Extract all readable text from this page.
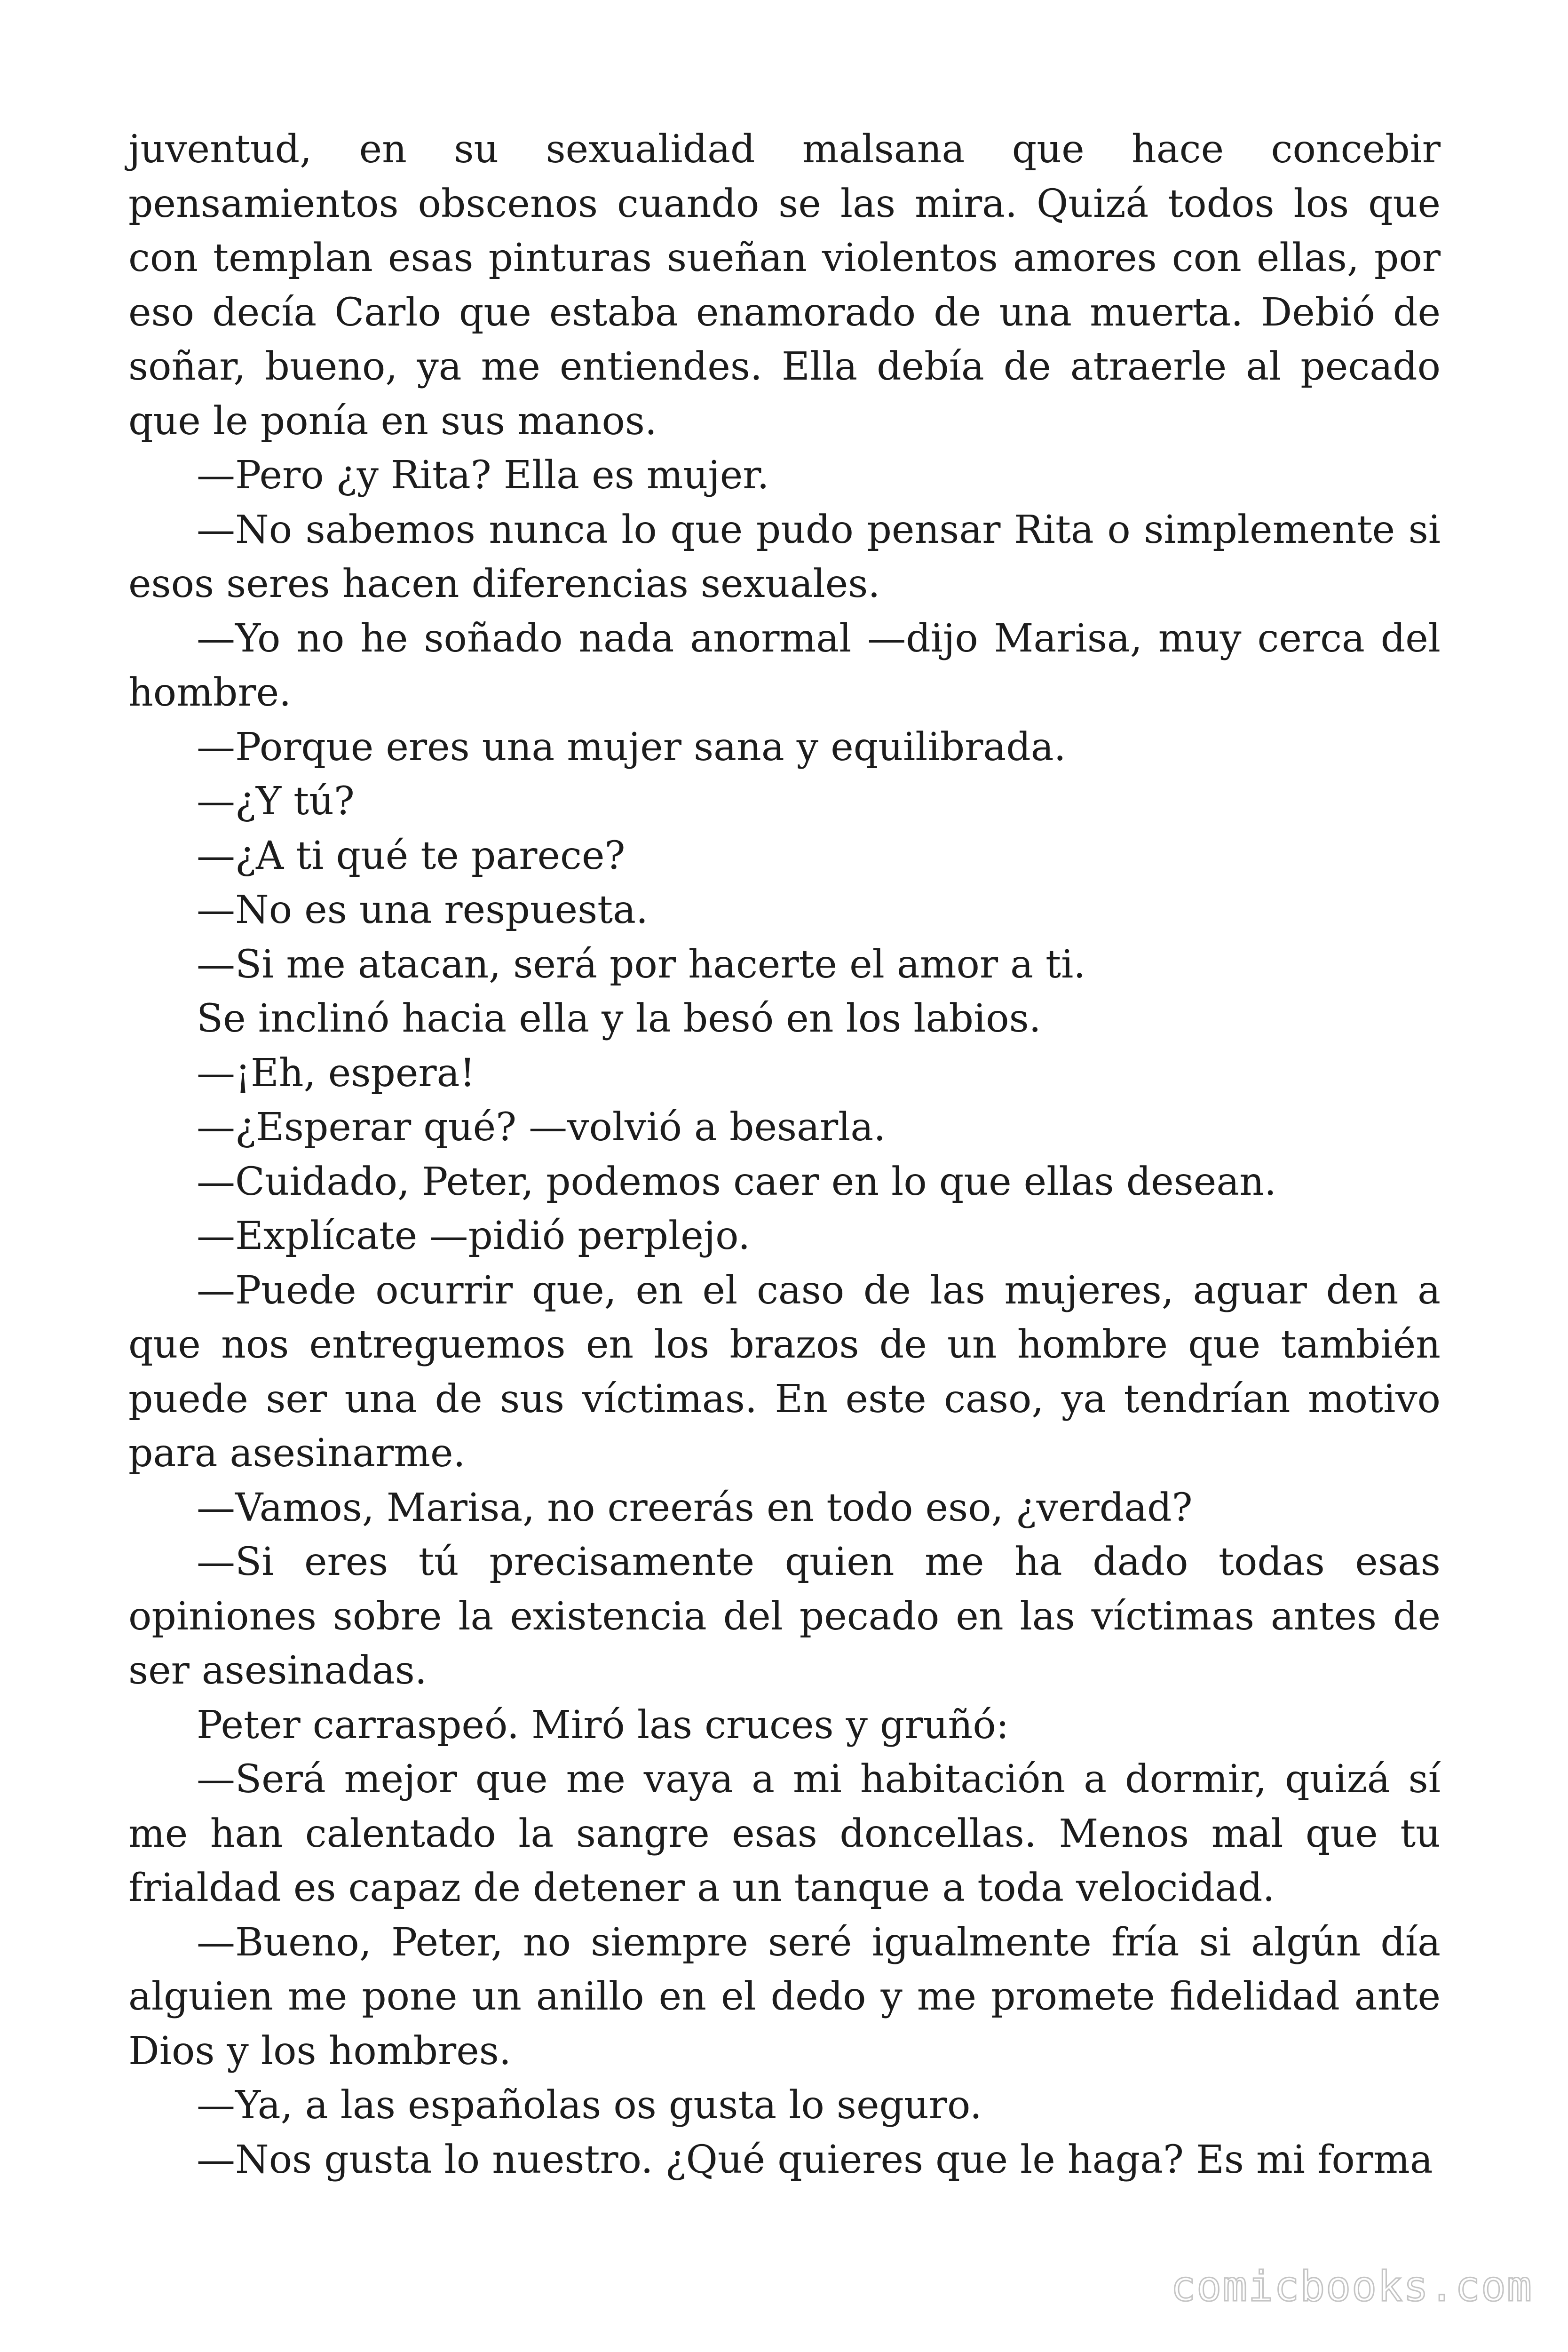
juventud, en su sexualidad malsana que hace concebir pensamientos obscenos cuando se las mira. Quizá todos los que con templan esas pinturas sueñan violentos amores con ellas, por eso decía Carlo que estaba enamorado de una muerta. Debió de soñar, bueno, ya me entiendes. Ella debía de atraerle al pecado que le ponía en sus manos.

—Pero ¿y Rita? Ella es mujer.

—No sabemos nunca lo que pudo pensar Rita o simplemente si esos seres hacen diferencias sexuales.

—Yo no he soñado nada anormal —dijo Marisa, muy cerca del hombre.

—Porque eres una mujer sana y equilibrada.

—¿Y tú?

—¿A ti qué te parece?

—No es una respuesta.

—Si me atacan, será por hacerte el amor a ti.

Se inclinó hacia ella y la besó en los labios.

—¡Eh, espera!

—¿Esperar qué? —volvió a besarla.

—Cuidado, Peter, podemos caer en lo que ellas desean.

—Explícate —pidió perplejo.

—Puede ocurrir que, en el caso de las mujeres, aguar den a que nos entreguemos en los brazos de un hombre que también puede ser una de sus víctimas. En este caso, ya tendrían motivo para asesinarme.

—Vamos, Marisa, no creerás en todo eso, ¿verdad?

—Si eres tú precisamente quien me ha dado todas esas opiniones sobre la existencia del pecado en las víctimas antes de ser asesinadas.

Peter carraspeó. Miró las cruces y gruñó:

—Será mejor que me vaya a mi habitación a dormir, quizá sí me han calentado la sangre esas doncellas. Menos mal que tu frialdad es capaz de detener a un tanque a toda velocidad.

—Bueno, Peter, no siempre seré igualmente fría si algún día alguien me pone un anillo en el dedo y me promete fidelidad ante Dios y los hombres.

—Ya, a las españolas os gusta lo seguro.

—Nos gusta lo nuestro. ¿Qué quieres que le haga? Es mi forma

comicbooks.com
